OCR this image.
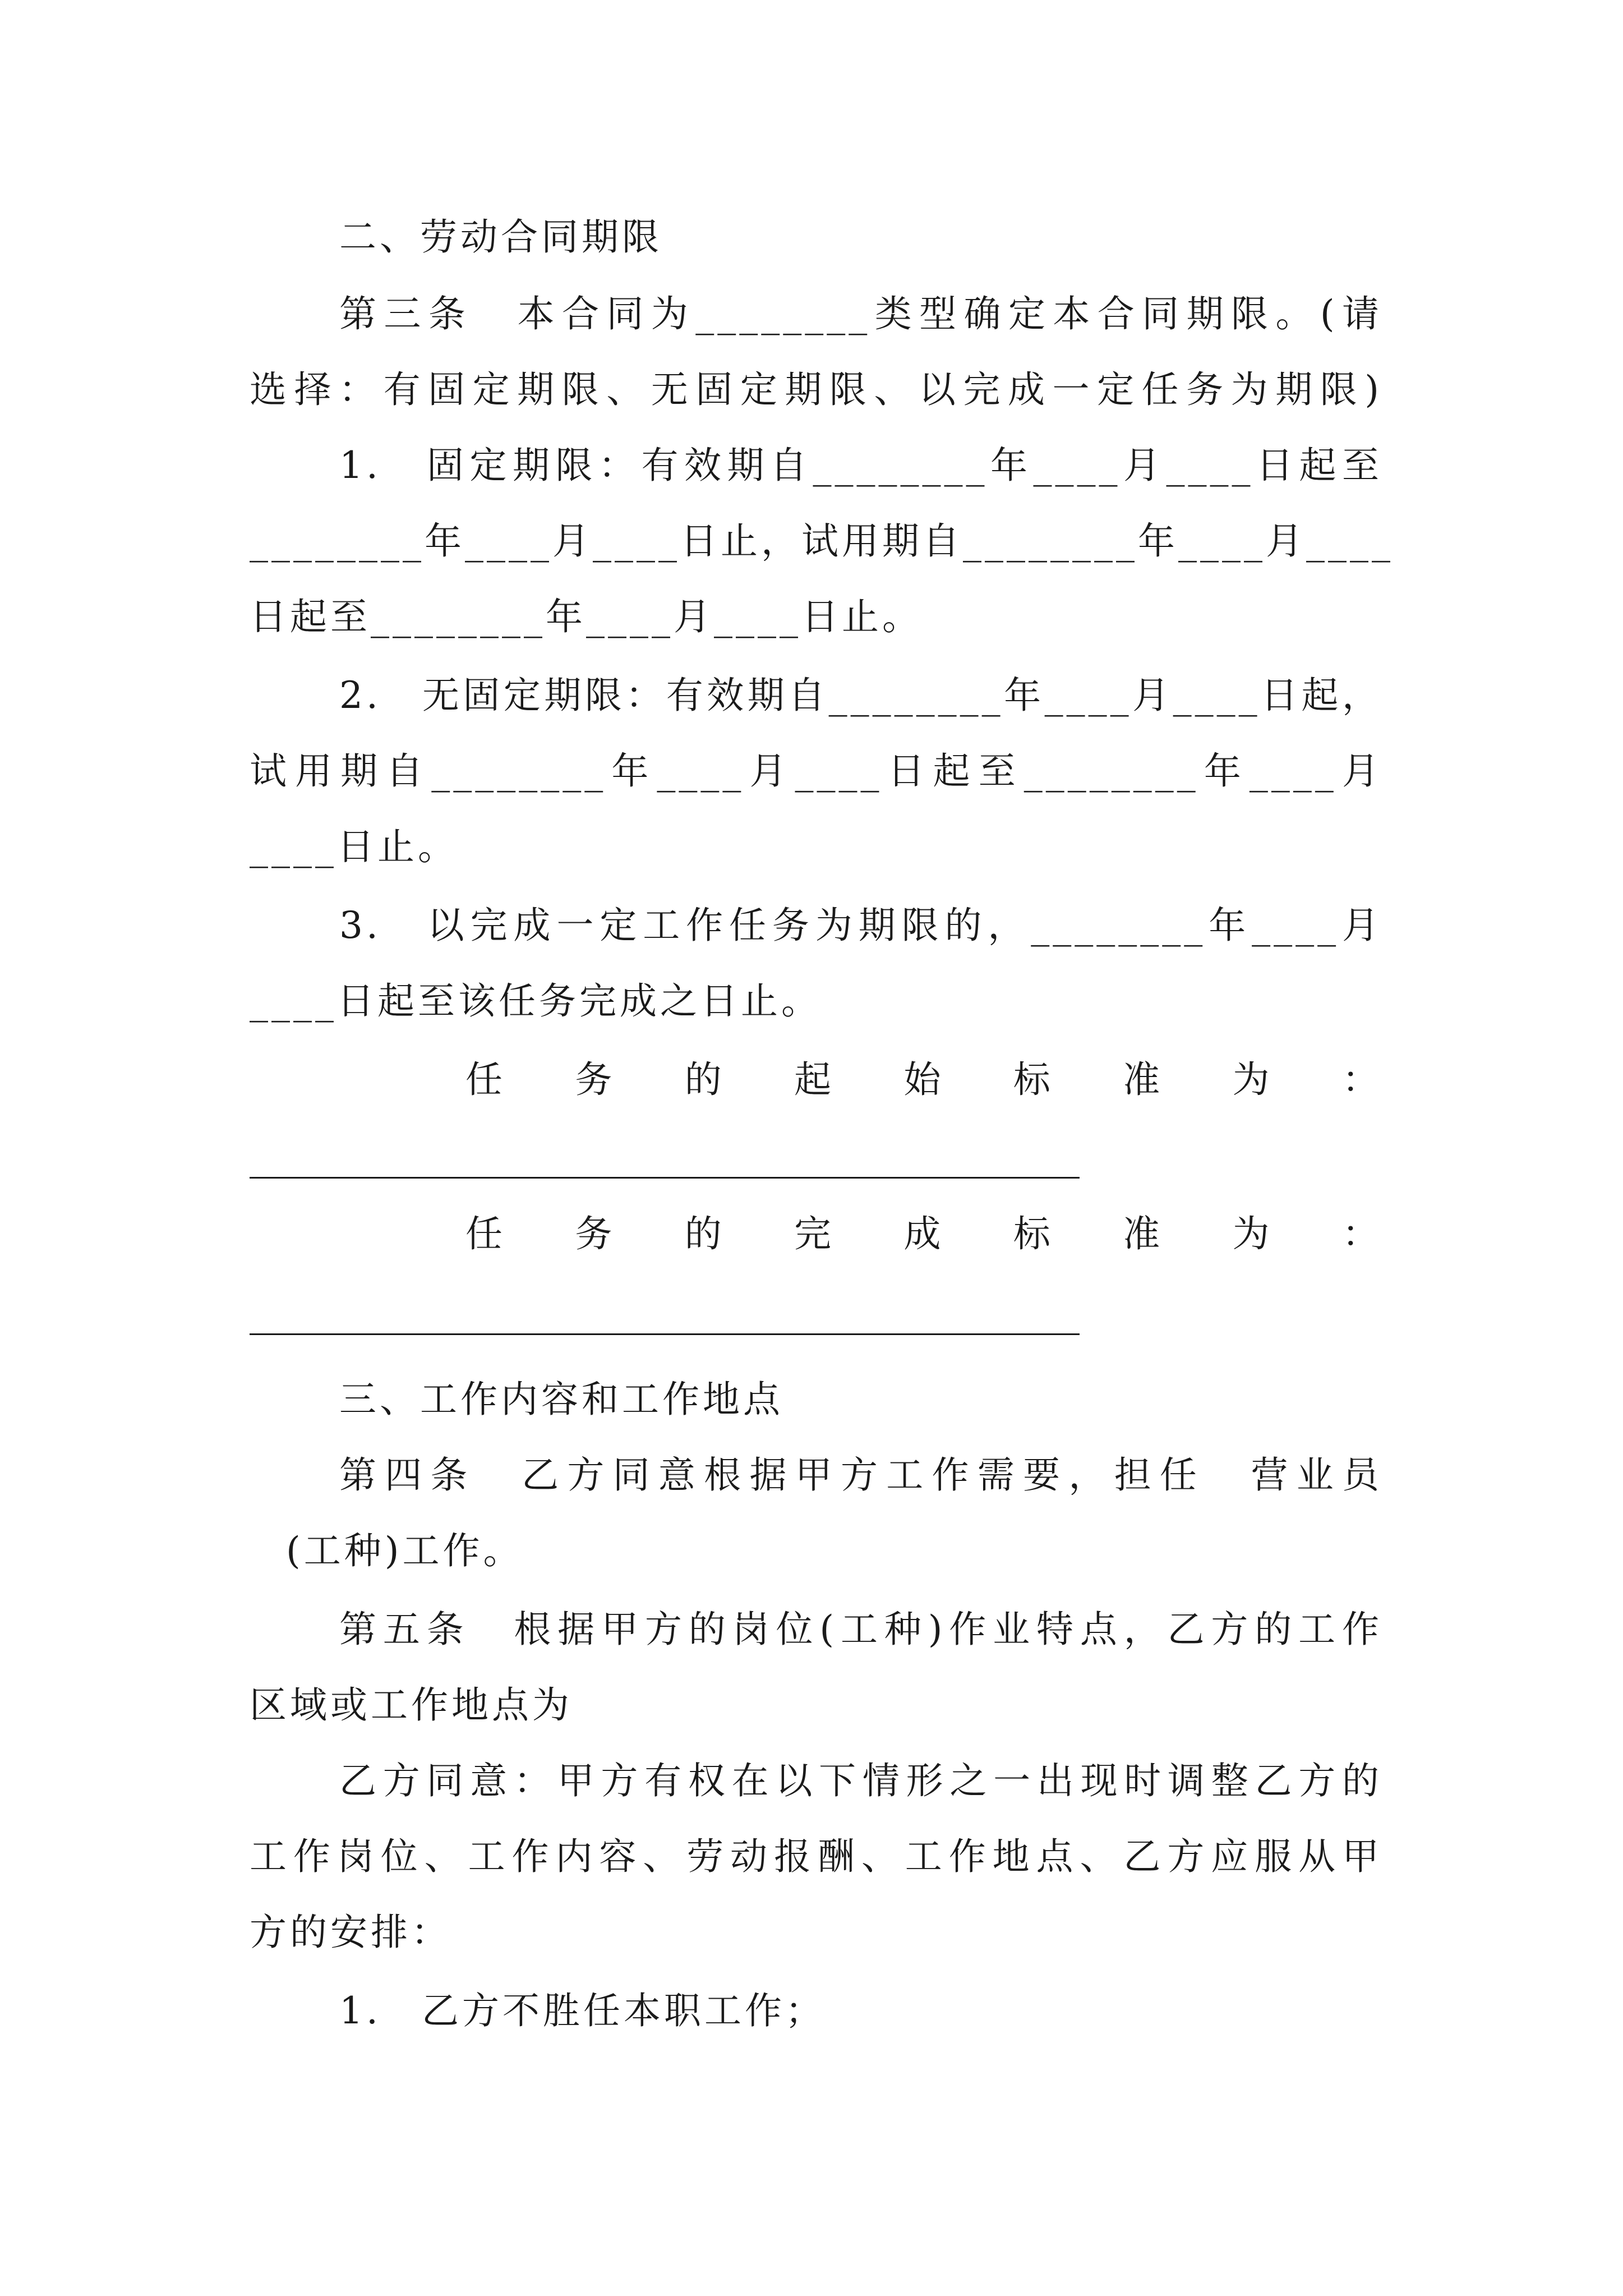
二、劳动合同期限

第三条　本合同为________类型确定本合同期限。(请

选择：有固定期限、无固定期限、以完成一定任务为期限)

1.　固定期限：有效期自________年____月____日起至

________年____月____日止，试用期自________年____月____

日起至________年____月____日止。

2.　无固定期限：有效期自________年____月____日起，

试用期自________年____月____日起至________年____月

____日止。

3.　以完成一定工作任务为期限的，________年____月

____日起至该任务完成之日止。

任　务　的　起　始　标　准　为　：

任　务　的　完　成　标　准　为　：

三、工作内容和工作地点

第四条　乙方同意根据甲方工作需要，担任　营业员

(工种)工作。

第五条　根据甲方的岗位(工种)作业特点，乙方的工作

区域或工作地点为

乙方同意：甲方有权在以下情形之一出现时调整乙方的

工作岗位、工作内容、劳动报酬、工作地点、乙方应服从甲

方的安排：

1.　乙方不胜任本职工作；
